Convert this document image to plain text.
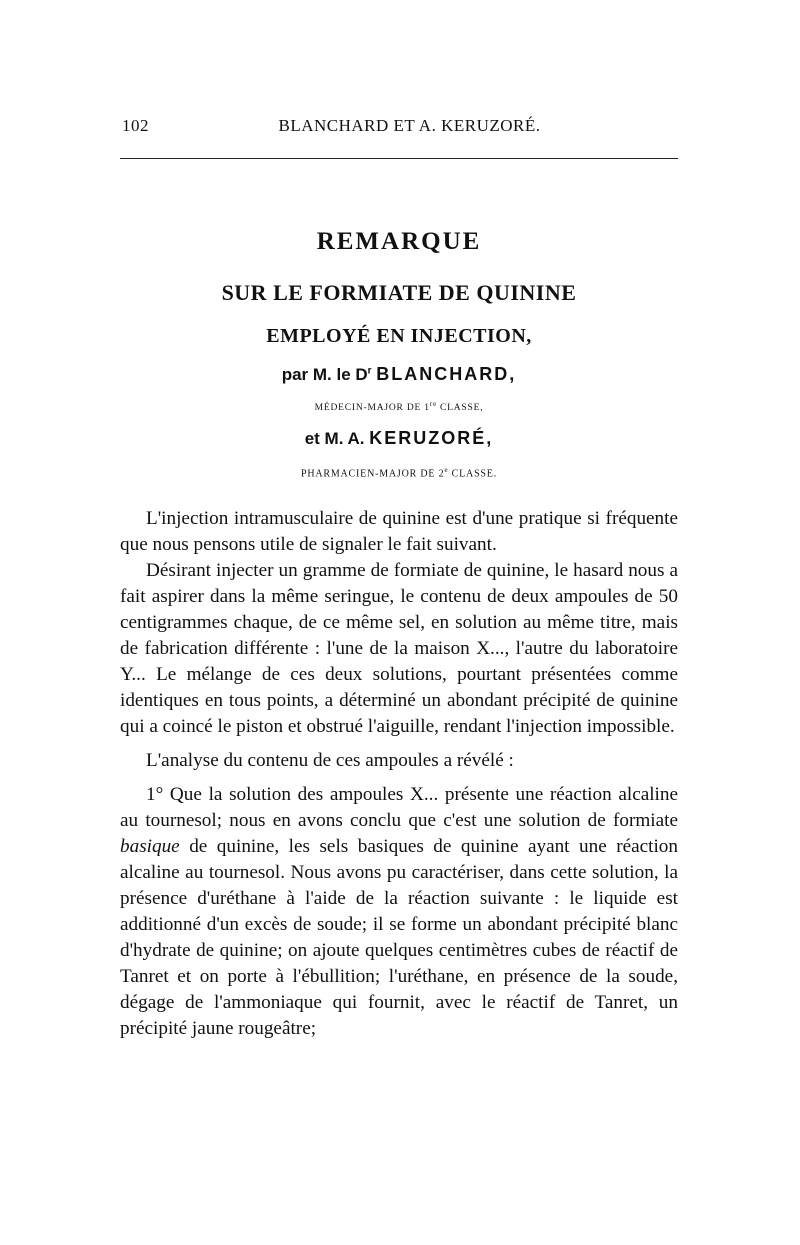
102	BLANCHARD ET A. KERUZORÉ.
REMARQUE
SUR LE FORMIATE DE QUININE
EMPLOYÉ EN INJECTION,
par M. le $D^r$ BLANCHARD,
MÉDECIN-MAJOR DE 1re CLASSE,
et M. A. KERUZORÉ,
PHARMACIEN-MAJOR DE 2e CLASSE.

L'injection intramusculaire de quinine est d'une pratique si fréquente que nous pensons utile de signaler le fait suivant.

Désirant injecter un gramme de formiate de quinine, le hasard nous a fait aspirer dans la même seringue, le contenu de deux ampoules de 50 centigrammes chaque, de ce même sel, en solution au même titre, mais de fabrication différente : l'une de la maison X..., l'autre du laboratoire Y... Le mélange de ces deux solutions, pourtant présentées comme identiques en tous points, a déterminé un abondant précipité de quinine qui a coincé le piston et obstrué l'aiguille, rendant l'injection impossible.

L'analyse du contenu de ces ampoules a révélé :

1° Que la solution des ampoules X... présente une réaction alcaline au tournesol; nous en avons conclu que c'est une solution de formiate basique de quinine, les sels basiques de quinine ayant une réaction alcaline au tournesol. Nous avons pu caractériser, dans cette solution, la présence d'uréthane à l'aide de la réaction suivante : le liquide est additionné d'un excès de soude; il se forme un abondant précipité blanc d'hydrate de quinine; on ajoute quelques centimètres cubes de réactif de Tanret et on porte à l'ébullition; l'uréthane, en présence de la soude, dégage de l'ammoniaque qui fournit, avec le réactif de Tanret, un précipité jaune rougeâtre;
